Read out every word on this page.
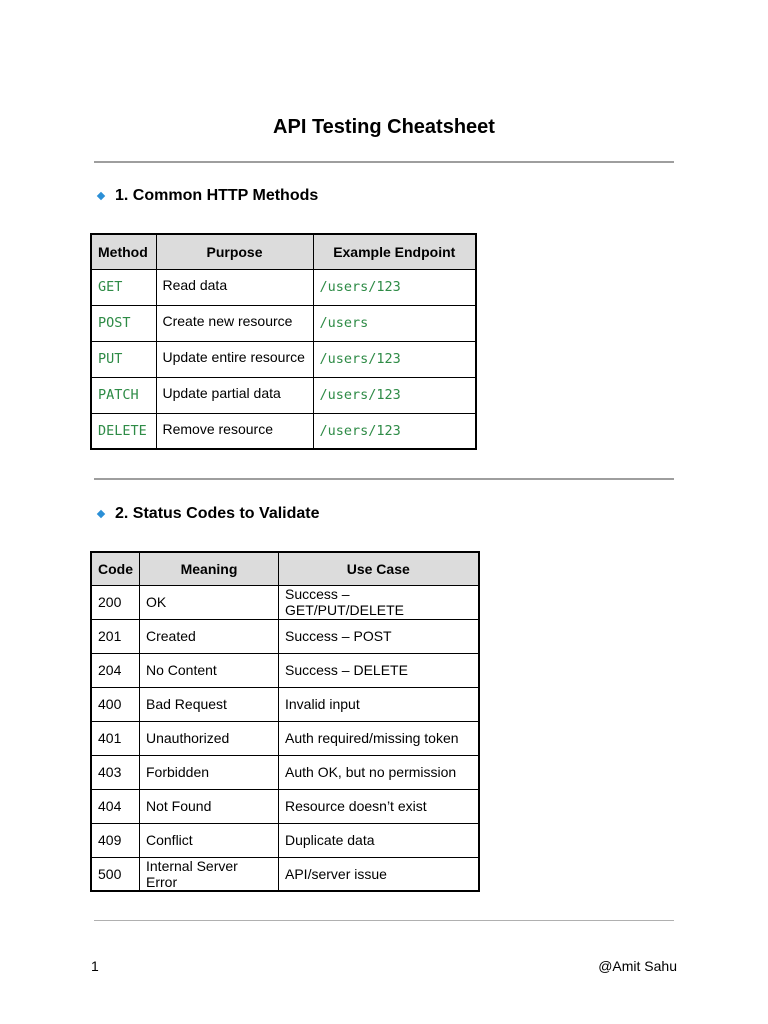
API Testing Cheatsheet
1. Common HTTP Methods
Method	Purpose	Example Endpoint
GET	Read data	/users/123
POST	Create new resource	/users
PUT	Update entire resource	/users/123
PATCH	Update partial data	/users/123
DELETE	Remove resource	/users/123
2. Status Codes to Validate
Code	Meaning	Use Case
200	OK	Success – GET/PUT/DELETE
201	Created	Success – POST
204	No Content	Success – DELETE
400	Bad Request	Invalid input
401	Unauthorized	Auth required/missing token
403	Forbidden	Auth OK, but no permission
404	Not Found	Resource doesn’t exist
409	Conflict	Duplicate data
500	Internal Server Error	API/server issue
1	@Amit Sahu
